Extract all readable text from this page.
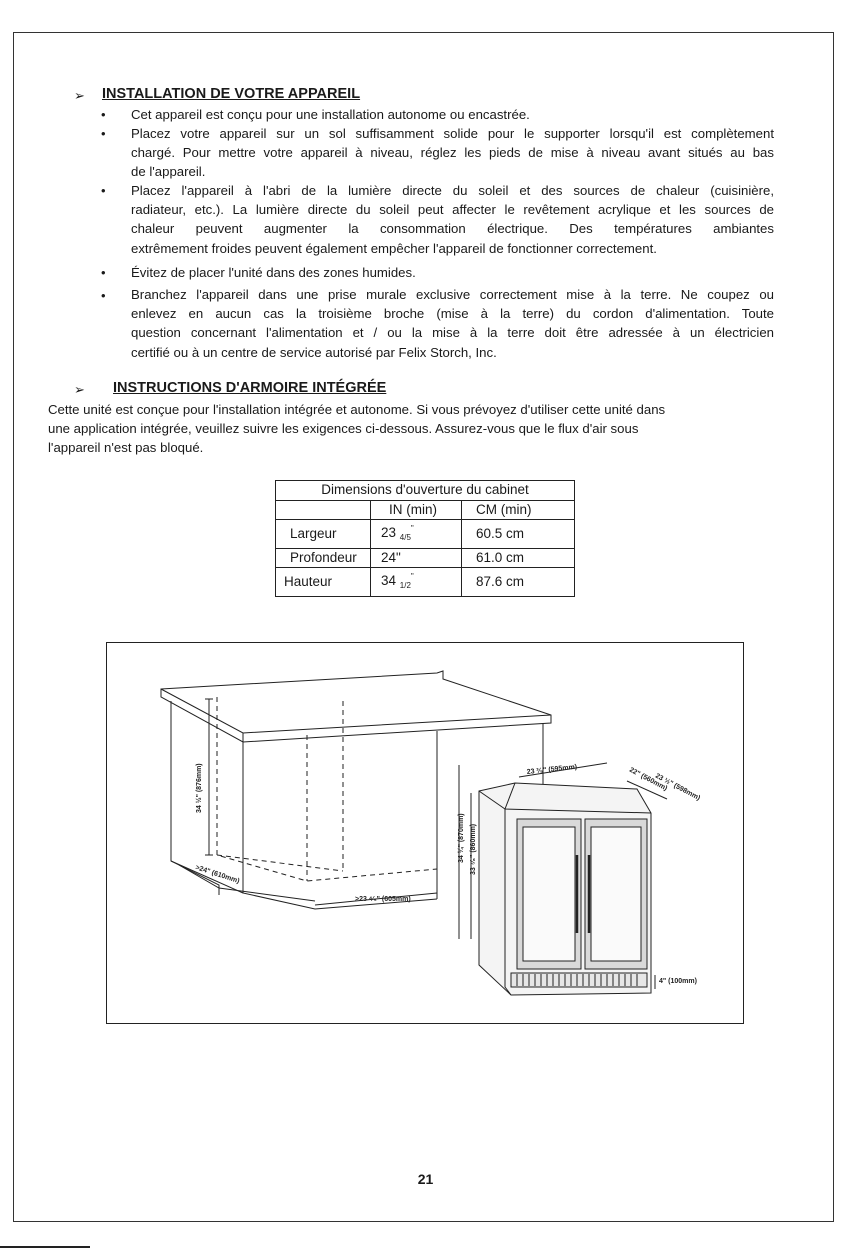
➢ INSTALLATION DE VOTRE APPAREIL
• Cet appareil est conçu pour une installation autonome ou encastrée.
• Placez votre appareil sur un sol suffisamment solide pour le supporter lorsqu'il est complètement
chargé. Pour mettre votre appareil à niveau, réglez les pieds de mise à niveau avant situés au bas
de l'appareil.
• Placez l'appareil à l'abri de la lumière directe du soleil et des sources de chaleur (cuisinière,
radiateur, etc.). La lumière directe du soleil peut affecter le revêtement acrylique et les sources de
chaleur peuvent augmenter la consommation électrique. Des températures ambiantes
extrêmement froides peuvent également empêcher l'appareil de fonctionner correctement.
• Évitez de placer l'unité dans des zones humides.
• Branchez l'appareil dans une prise murale exclusive correctement mise à la terre. Ne coupez ou
enlevez en aucun cas la troisième broche (mise à la terre) du cordon d'alimentation. Toute
question concernant l'alimentation et / ou la mise à la terre doit être adressée à un électricien
certifié ou à un centre de service autorisé par Felix Storch, Inc.
➢ INSTRUCTIONS D'ARMOIRE INTÉGRÉE
Cette unité est conçue pour l'installation intégrée et autonome. Si vous prévoyez d'utiliser cette unité dans
une application intégrée, veuillez suivre les exigences ci-dessous. Assurez-vous que le flux d'air sous
l'appareil n'est pas bloqué.
Dimensions d'ouverture du cabinet		
	IN (min)	CM (min)
Largeur	23 $_{4/5}$"	60.5 cm
Profondeur	24"	61.0 cm
Hauteur	34 $_{1/2}$"	87.6 cm
34 ½" (876mm)
>24" (610mm)
>23 ⁴⁄₅" (605mm)
23 ³⁄₅" (595mm)	22" (560mm)
23 ½" (598mm)
34 ¼" (870mm) 33 ⁷⁄₈" (860mm)
4" (100mm)
21
